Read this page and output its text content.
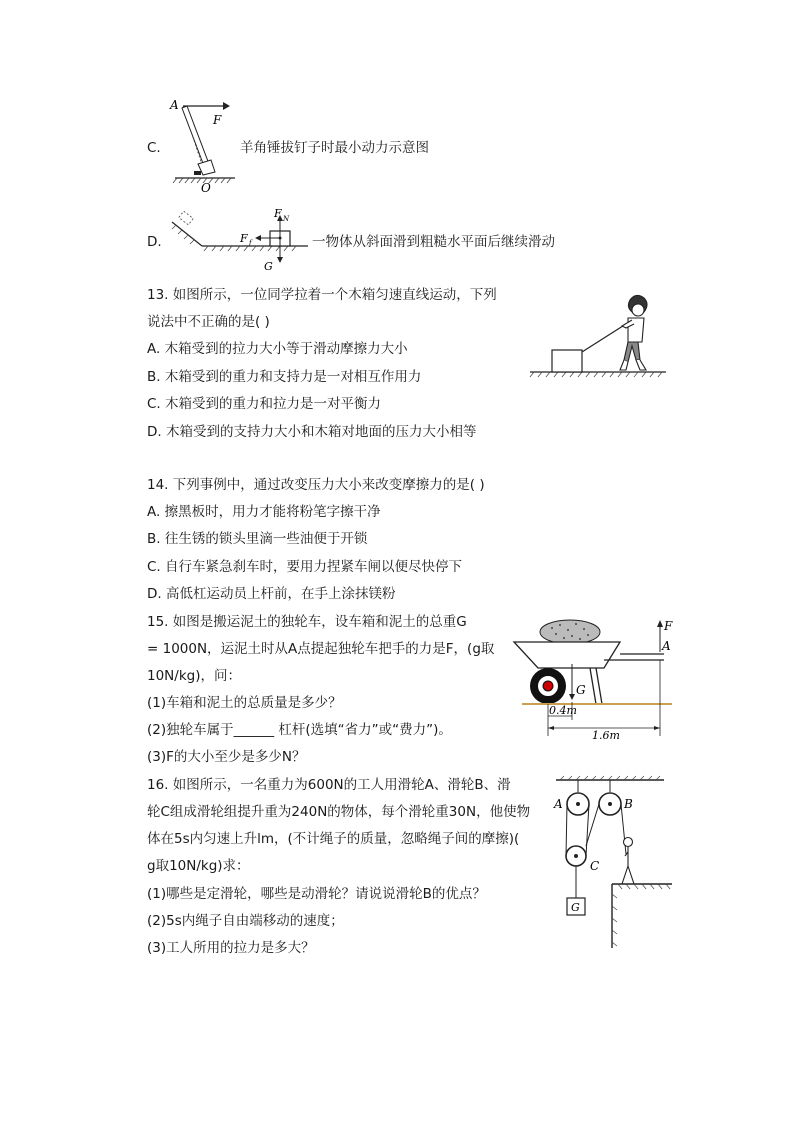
C.
A
F
O
羊角锤拔钉子时最小动力示意图
D.
F N
F f
G
一物体从斜面滑到粗糙水平面后继续滑动
13. 如图所示，一位同学拉着一个木箱匀速直线运动，下列
说法中不正确的是( )
A. 木箱受到的拉力大小等于滑动摩擦力大小
B. 木箱受到的重力和支持力是一对相互作用力
C. 木箱受到的重力和拉力是一对平衡力
D. 木箱受到的支持力大小和木箱对地面的压力大小相等
14. 下列事例中，通过改变压力大小来改变摩擦力的是( )
A. 擦黑板时，用力才能将粉笔字擦干净
B. 往生锈的锁头里滴一些油便于开锁
C. 自行车紧急刹车时，要用力捏紧车闸以便尽快停下
D. 高低杠运动员上杆前，在手上涂抹镁粉
15. 如图是搬运泥土的独轮车，设车箱和泥土的总重G
= 1000N，运泥土时从A点提起独轮车把手的力是F，(g取
10N/kg)，问：
(1)车箱和泥土的总质量是多少？
(2)独轮车属于______ 杠杆(选填“省力”或“费力”)。
(3)F的大小至少是多少N？
G
F
A
0.4m
1.6m
16. 如图所示，一名重力为600N的工人用滑轮A、滑轮B、滑
轮C组成滑轮组提升重为240N的物体，每个滑轮重30N，他使物
体在5s内匀速上升lm，(不计绳子的质量，忽略绳子间的摩擦)(
g取10N/kg)求：
(1)哪些是定滑轮，哪些是动滑轮？请说说滑轮B的优点？
(2)5s内绳子自由端移动的速度；
(3)工人所用的拉力是多大？
A	B
C
G
